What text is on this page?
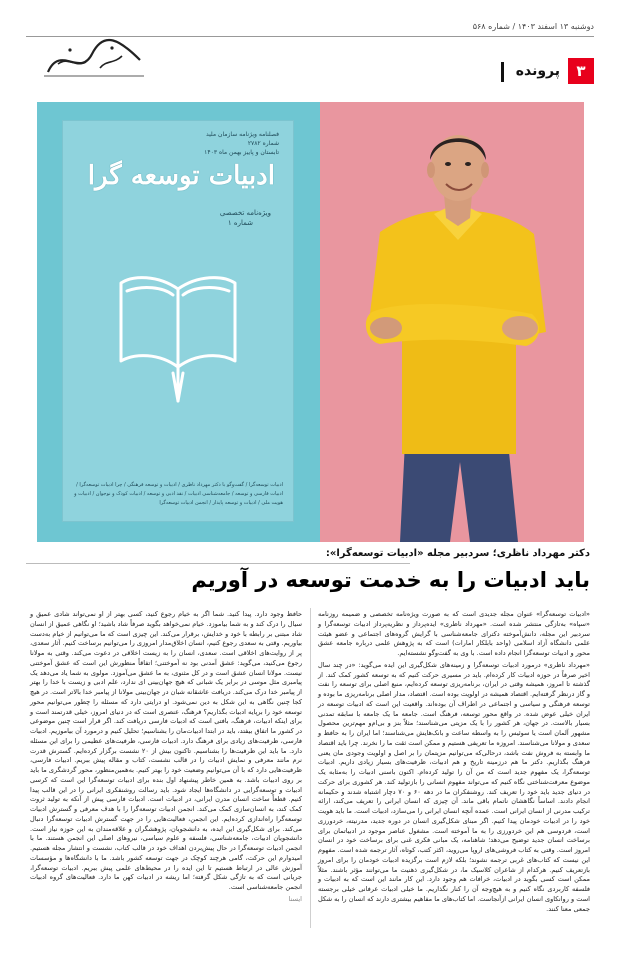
دوشنبه ۱۳ اسفند ۱۴۰۳ / شماره ۵۶۸
۳
پرونده
فصلنامه ویژنامه سازمان ملید
شماره ۲۷۸۲
تابستان و پاییز بهمن ماه ۱۴۰۳
ادبیات توسعه گرا
ویژه‌نامه تخصصی
شماره ۱
ادبیات توسعه‌گرا / گفت‌وگو با دکتر مهرداد ناظری / ادبیات و توسعه فرهنگی / چرا ادبیات توسعه‌گرا / ادبیات فارسی و توسعه / جامعه‌شناسی ادبیات / نقد ادبی و توسعه / ادبیات کودک و نوجوان / ادبیات و هویت ملی / ادبیات و توسعه پایدار / انجمن ادبیات توسعه‌گرا
دکتر مهرداد ناظری؛ سردبیر مجله «ادبیات توسعه‌گرا»:
باید ادبیات را به خدمت توسعه در آوریم

«ادبیات توسعه‌گرا» عنوان مجله جدیدی است که به صورت ویژه‌نامه تخصصی و ضمیمه روزنامه «سپاه» به‌تازگی منتشر شده است. «مهرداد ناظری» ایده‌پرداز و نظریه‌پرداز ادبیات توسعه‌گرا و سردبیر این مجله، دانش‌آموخته دکترای جامعه‌شناسی با گرایش گروه‌های اجتماعی و عضو هیئت علمی دانشگاه آزاد اسلامی (واحد بابلکار امارات) است که به پژوهش علمی درباره جامعه عشق محور و ادبیات توسعه‌گرا انجام داده است. با وی به گفت‌وگو نشسته‌ایم.

«مهرداد ناظری» درمورد ادبیات توسعه‌گرا و زمینه‌های شکل‌گیری این ایده می‌گوید: «در چند سال اخیر صرفاً در حوزه ادبیات کار کرده‌ام. باید در مسیری حرکت کنیم که به توسعه کشور کمک کند. از گذشته تا امروز، همیشه وقتی در ایران، برنامه‌ریزی توسعه کرده‌ایم، منبع اصلی برای توسعه را نفت و گاز درنظر گرفته‌ایم. اقتصاد همیشه در اولویت بوده است. اقتصاد، مدار اصلی برنامه‌ریزی ما بوده و توسعه فرهنگی و سیاسی و اجتماعی در اطراف آن بوده‌اند. واقعیت این است که ادبیات توسعه در ایران خیلی عوض شده. در واقع محور توسعه، فرهنگ است. جامعه ما یک جامعه با سابقه تمدنی بسیار بالاست. در جهان، هر کشور را با یک مزیتی می‌شناسند؛ مثلاً بنز و بی‌ام‌و مهم‌ترین محصول مشهور آلمان است یا سوئیس را به واسطه ساعت و بانک‌هایش می‌شناسند؛ اما ایران را به حافظ و سعدی و مولانا می‌شناسند. امروزه ما تعریفی هستیم و ممکن است ثقت ما را نخرند. چرا باید اقتصاد ما وابسته به فروش نفت باشد، درحالی‌که می‌توانیم مزیتمان را بر اصل و اولویت وجودی مان یعنی فرهنگ بگذاریم. دکتر ما هم درزمینه تاریخ و هم ادبیات، ظرفیت‌های بسیار زیادی داریم. ادبیات توسعه‌گرا، یک مفهوم جدید است که من آن را تولید کرده‌ام. اکنون باسنی ادبیات را به‌مثابه یک موضوع معرفت‌شناختی نگاه کنیم که می‌تواند مفهوم انسانی را بازتولید کند. هر کشوری برای حرکت در دنیای جدید باید خود را تعریف کند. روشنفکران ما در دهه ۶۰ و ۷۰ دچار اشتباه شدند و حکیمانه انجام دادند. اساساً نگاهشان ناتمام باقی ماند. آن چیزی که انسان ایرانی را تعریف می‌کند، ارائه ترکیب مدرنی از انسان ایرانی است. عمده آنچه انسان ایرانی را می‌سازد، ادبیات است. ما باید هویت خود را در ادبیات خودمان پیدا کنیم. اگر مبنای شکل‌گیری انسان در دوره جدید، مدرنیته، خردورزی است، فردوسی هم این خردورزی را به ما آموخته است. مشغول عناصر موجود در ادبیاتمان برای برساخت انسان جدید توضیح می‌دهد؛ شاهنامه، یک مبانی فکری غنی برای برساخت خود در انسان امروز است. وقتی به کتاب فروشی‌های اروپا می‌روید، اکثر کتب، کوتاه، آثار ترجمه شده است. مفهوم این نیست که کتاب‌های غربی ترجمه نشوند؛ بلکه لازم است برگزیده ادبیات خودمان را برای امروز بازتعریف کنیم. هرکدام از شاعران کلاسیک ما، در شکل‌گیری ذهنیت ما می‌توانند مؤثر باشند. مثلاً ممکن است کسی بگوید در ادبیات، خرافات هم وجود دارد. این کار مانند این است که به ادبیات و فلسفه کاربردی نگاه کنیم و به هیچ‌وجه آن را کنار نگذاریم. ما خیلی ادبیات عرفانی خیلی برجسته است و روانکاوی انسان ایرانی ازآنجاست. اما کتاب‌های ما مفاهیم بیشتری دارند که انسان را به شکل جمعی معنا کنند.

حافظ وجود دارد. پیدا کنید. شما اگر به خیام رجوع کنید، کسی بهتر از او نمی‌تواند شادی عمیق و سیال را درک کند و به شما بیاموزد. خیام نمی‌خواهد بگوید صرفاً شاد باشید؛ او نگاهی عمیق از انسان شاد مبتنی بر رابطه با خود و خدایش، برقرار می‌کند. این چیزی است که ما می‌توانیم از خیام به‌دست بیاوریم. وقتی به سعدی رجوع کنیم، انسان اخلاق‌مدار امروزی را می‌توانیم برساخت کنیم. آثار سعدی، پر از روایت‌های اخلاقی است. سعدی، انسان را به زیست اخلاقی در دعوت می‌کند. وقتی به مولانا رجوع می‌کنید، می‌گوید: عشق آمدنی بود نه آموختنی؛ اتفاقاً منظورش این است که عشق آموختنی نیست. مولانا انسان عشق است و در کل مثنوی، به ما عشق می‌آموزد. مولوی به شما یاد می‌دهد یک پیامبری مثل موسی در برابر یک شبانی که هیچ جهان‌بینی ای ندارد، علم ادبی و زیست با خدا را بهتر از پیامبر خدا درک می‌کند. دریافت عاشقانه شبان در جهان‌بینی مولانا از پیامبر خدا بالاتر است. در هیچ کجا چنین نگاهی به این شکل به دین نمی‌شود. او درایتی دارد که مسئله را چطور می‌توانیم محور توسعه خود را برپایه ادبیات بگذاریم؟ فرهنگ، عنصری است که در دنیای امروز، خیلی قدرتمند است و برای اینکه ادبیات، فرهنگ، بافتی است که ادبیات فارسی دریافت کند. اگر قرار است چنین موضوعی در کشور ما اتفاق بیفتد، باید در ابتدا ادبیات‌مان را بشناسیم؛ تحلیل کنیم و درمورد آن بیاموزیم. ادبیات فارسی، ظرفیت‌های زیادی برای فرهنگ دارد. ادبیات فارسی، ظرفیت‌های عظیمی را برای این مسئله دارد. ما باید این ظرفیت‌ها را بشناسیم. تاکنون بیش از ۲۰ نشست برگزار کرده‌ایم. گسترش قدرت نرم مانند معرفی و نمایش ادبیات را در قالب نشست، کتاب و مقاله پیش ببریم. ادبیات فارسی، ظرفیت‌هایی دارد که با آن می‌توانیم وضعیت خود را بهتر کنیم. به‌همین‌منظور، محور گردشگری ما باید بر روی ادبیات باشد. به همین خاطر پیشنهاد اول بنده برای ادبیات توسعه‌گرا این است که کرسی ادبیات و توسعه‌گرایی در دانشگاه‌ها ایجاد شود. باید رسالت روشنفکری ایرانی را در این قالب پیدا کنیم. قطعاً ساخت انسان مدرن ایرانی، در ادبیات است. ادبیات فارسی پیش از آنکه به تولید ثروت کمک کند، به انسان‌سازی کمک می‌کند. انجمن ادبیات توسعه‌گرا را با هدف معرفی و گسترش ادبیات توسعه‌گرا راه‌اندازی کرده‌ایم. این انجمن، فعالیت‌هایی را در جهت گسترش ادبیات توسعه‌گرا دنبال می‌کند. برای شکل‌گیری این ایده، به دانشجویان، پژوهشگران و علاقه‌مندان به این حوزه نیاز است. دانشجویان ادبیات، جامعه‌شناسی، فلسفه و علوم سیاسی، نیروهای اصلی این انجمن هستند. ما با انجمن ادبیات توسعه‌گرا در حال پیش‌بردن اهداف خود در قالب کتاب، نشست و انتشار مجله هستیم. امیدوارم این حرکت، گامی هرچند کوچک در جهت توسعه کشور باشد. ما با دانشگاه‌ها و مؤسسات آموزش عالی در ارتباط هستیم تا این ایده را در محیط‌های علمی پیش ببریم. ادبیات توسعه‌گرا، جریانی است که به تازگی شکل گرفته؛ اما ریشه در ادبیات کهن ما دارد. فعالیت‌های گروه ادبیات انجمن جامعه‌شناسی است.

ایسنا
